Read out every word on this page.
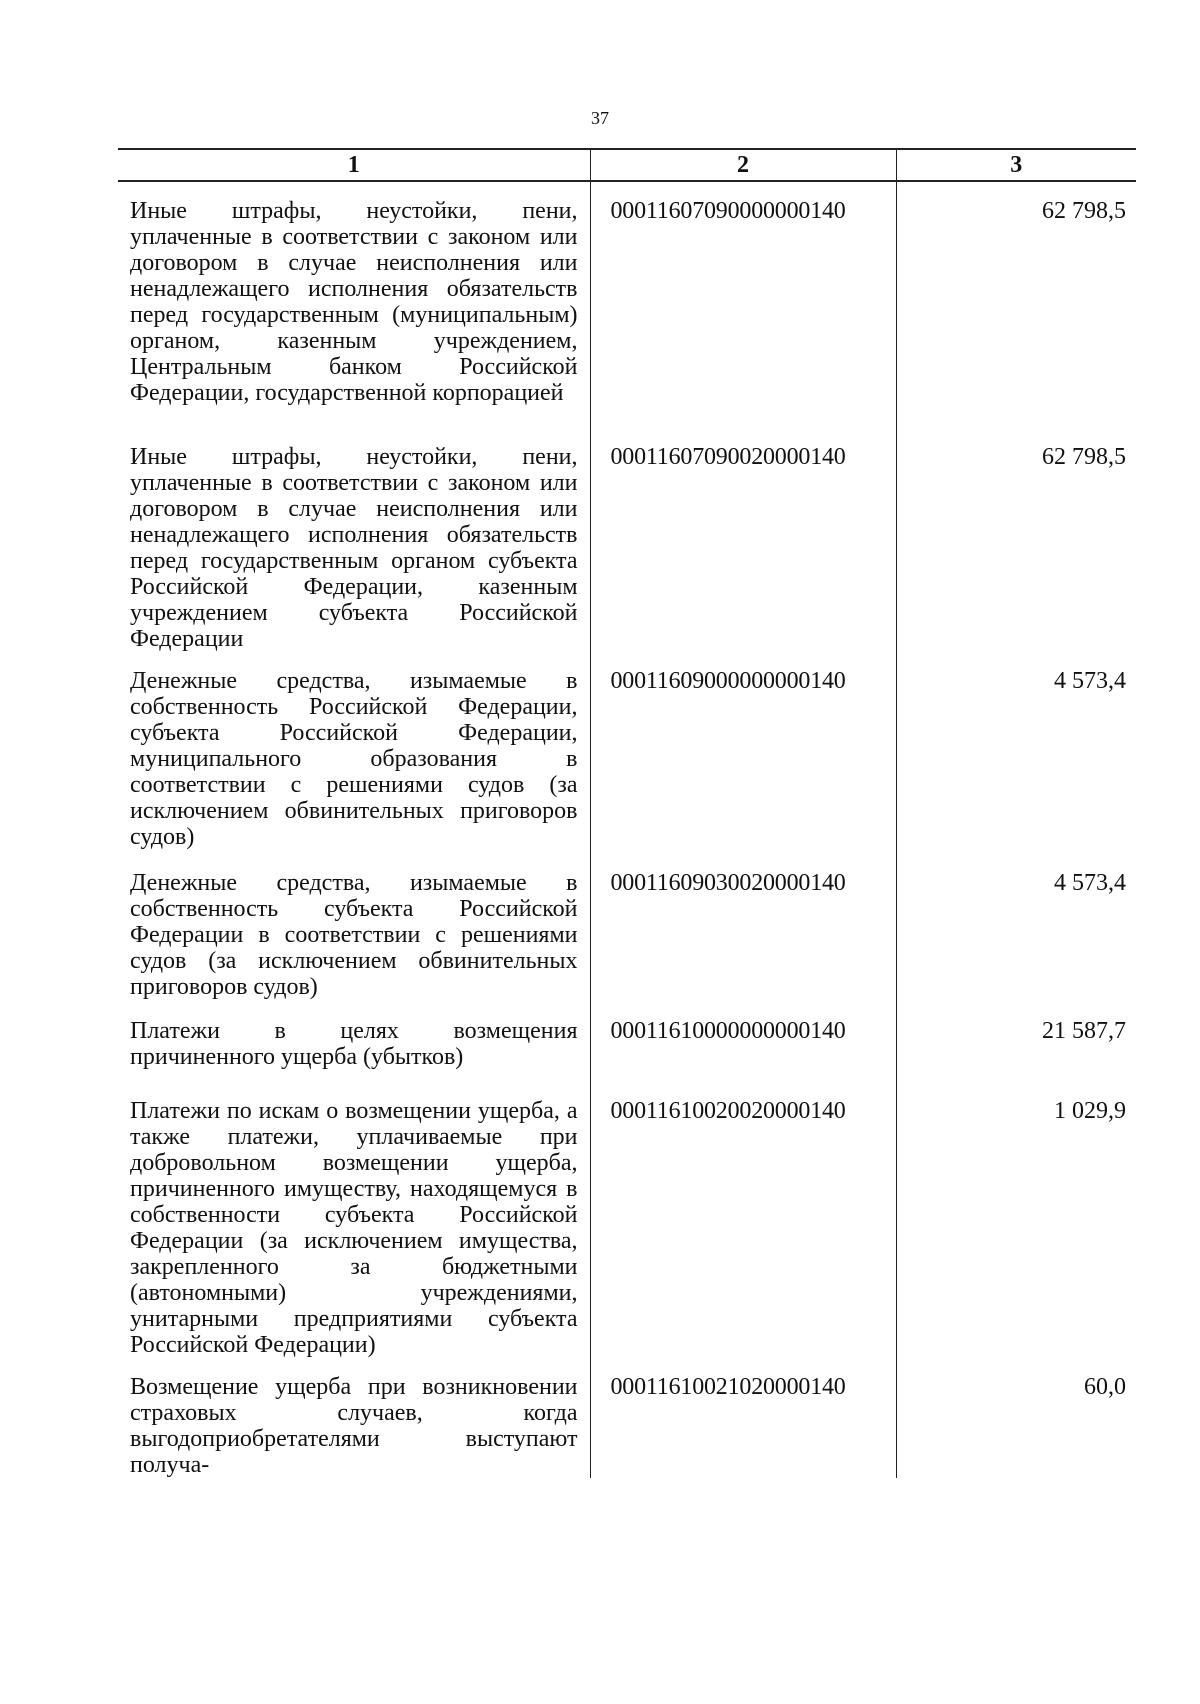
37
1	2	3
Иные штрафы, неустойки, пени, уплаченные в соответствии с законом или договором в случае неисполнения или ненадлежащего исполнения обязательств перед государственным (муниципальным) органом, казенным учреждением, Центральным банком Российской Федерации, государственной корпорацией	00011607090000000140	62 798,5
Иные штрафы, неустойки, пени, уплаченные в соответствии с законом или договором в случае неисполнения или ненадлежащего исполнения обязательств перед государственным органом субъекта Российской Федерации, казенным учреждением субъекта Российской Федерации	00011607090020000140	62 798,5
Денежные средства, изымаемые в собственность Российской Федерации, субъекта Российской Федерации, муниципального образования в соответствии с решениями судов (за исключением обвинительных приговоров судов)	00011609000000000140	4 573,4
Денежные средства, изымаемые в собственность субъекта Российской Федерации в соответствии с решениями судов (за исключением обвинительных приговоров судов)	00011609030020000140	4 573,4
Платежи в целях возмещения причиненного ущерба (убытков)	00011610000000000140	21 587,7
Платежи по искам о возмещении ущерба, а также платежи, уплачиваемые при добровольном возмещении ущерба, причиненного имуществу, находящемуся в собственности субъекта Российской Федерации (за исключением имущества, закрепленного за бюджетными (автономными) учреждениями, унитарными предприятиями субъекта Российской Федерации)	00011610020020000140	1 029,9
Возмещение ущерба при возникновении страховых случаев, когда выгодоприобретателями выступают получа-	00011610021020000140	60,0
